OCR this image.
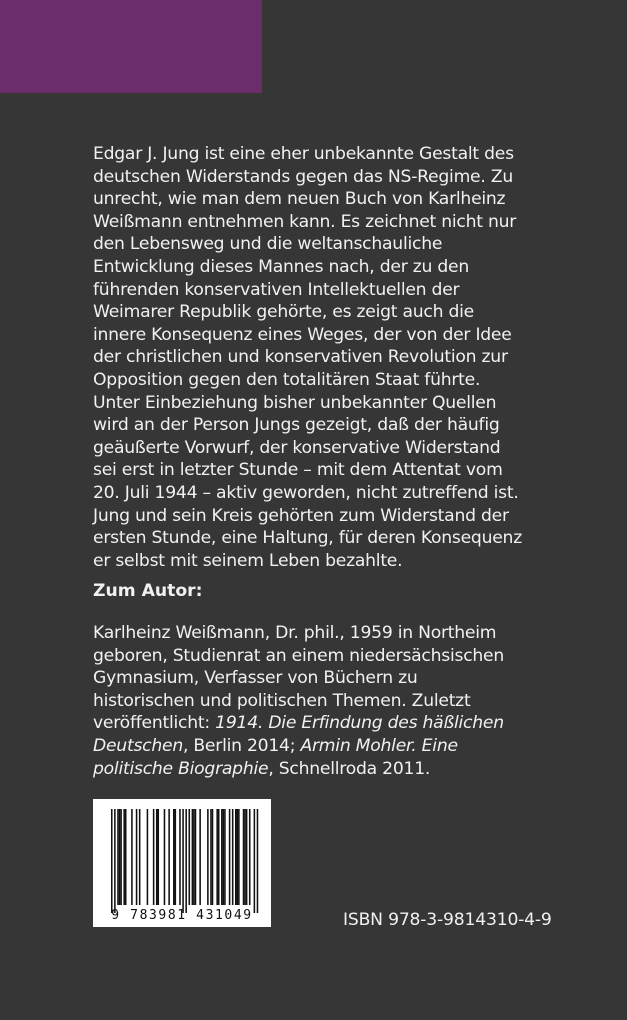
Edgar J. Jung ist eine eher unbekannte Gestalt des deutschen Widerstands gegen das NS-Regime. Zu unrecht, wie man dem neuen Buch von Karlheinz Weißmann entnehmen kann. Es zeichnet nicht nur den Lebensweg und die weltanschauliche Entwicklung dieses Mannes nach, der zu den führenden konservativen Intellektuellen der Weimarer Republik gehörte, es zeigt auch die innere Konsequenz eines Weges, der von der Idee der christlichen und konservativen Revolution zur Opposition gegen den totalitären Staat führte. Unter Einbeziehung bisher unbekannter Quellen wird an der Person Jungs gezeigt, daß der häufig geäußerte Vorwurf, der konservative Widerstand sei erst in letzter Stunde – mit dem Attentat vom 20. Juli 1944 – aktiv geworden, nicht zutreffend ist. Jung und sein Kreis gehörten zum Widerstand der ersten Stunde, eine Haltung, für deren Konsequenz er selbst mit seinem Leben bezahlte.

Zum Autor:

Karlheinz Weißmann, Dr. phil., 1959 in Northeim geboren, Studienrat an einem niedersächsischen Gymnasium, Verfasser von Büchern zu historischen und politischen Themen. Zuletzt veröffentlicht: 1914. Die Erfindung des häßlichen Deutschen, Berlin 2014; Armin Mohler. Eine politische Biographie, Schnellroda 2011.

9 783981 431049	ISBN 978-3-9814310-4-9
